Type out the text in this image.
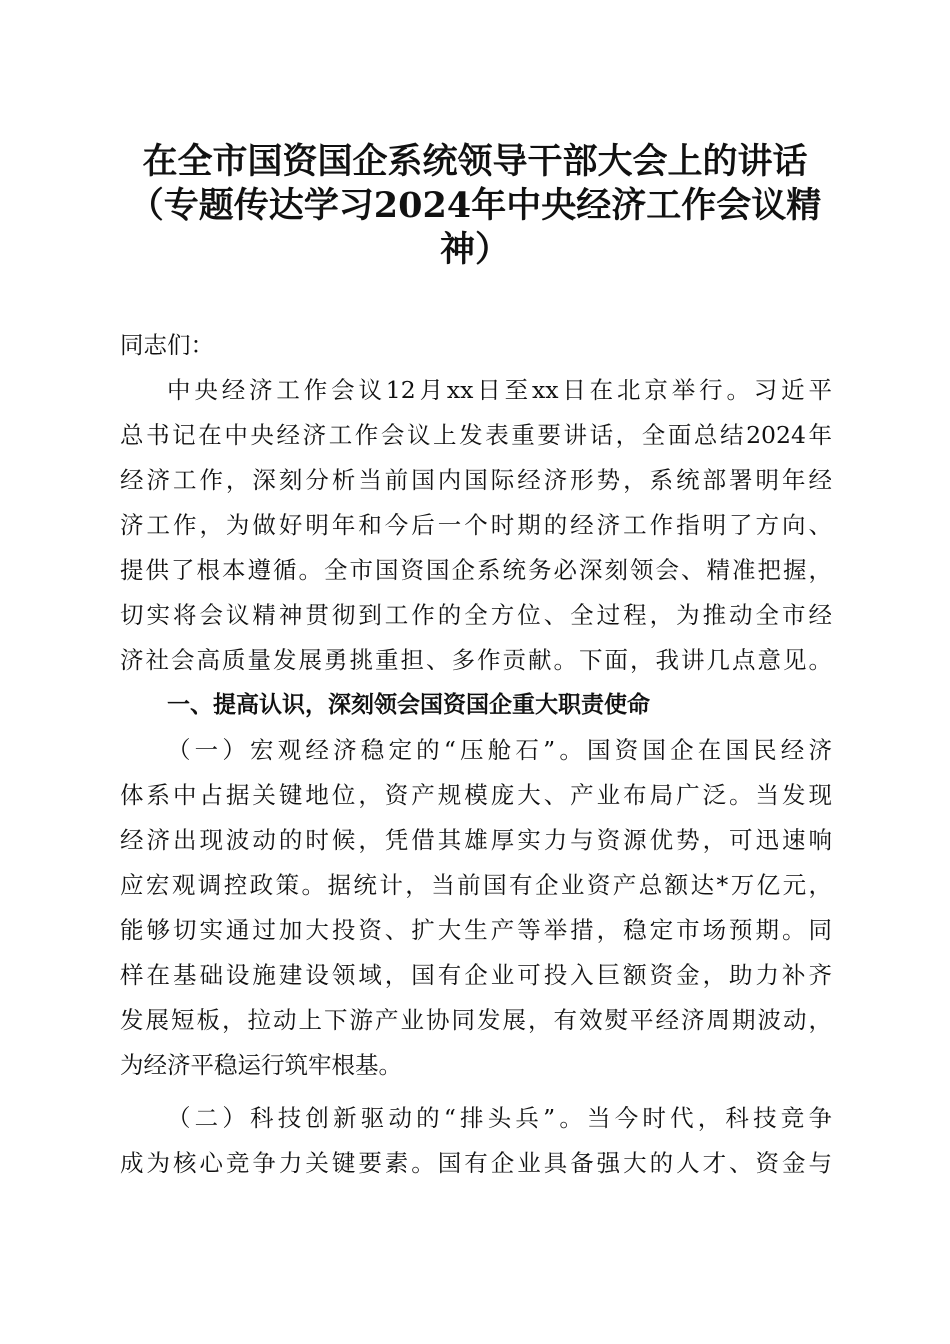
在全市国资国企系统领导干部大会上的讲话
（专题传达学习2024年中央经济工作会议精
神）
同志们：
中央经济工作会议12月xx日至xx日在北京举行。习近平
总书记在中央经济工作会议上发表重要讲话，全面总结2024年
经济工作，深刻分析当前国内国际经济形势，系统部署明年经
济工作，为做好明年和今后一个时期的经济工作指明了方向、
提供了根本遵循。全市国资国企系统务必深刻领会、精准把握，
切实将会议精神贯彻到工作的全方位、全过程，为推动全市经
济社会高质量发展勇挑重担、多作贡献。下面，我讲几点意见。
一、提高认识，深刻领会国资国企重大职责使命
（一）宏观经济稳定的“压舱石”。国资国企在国民经济
体系中占据关键地位，资产规模庞大、产业布局广泛。当发现
经济出现波动的时候，凭借其雄厚实力与资源优势，可迅速响
应宏观调控政策。据统计，当前国有企业资产总额达*万亿元，
能够切实通过加大投资、扩大生产等举措，稳定市场预期。同
样在基础设施建设领域，国有企业可投入巨额资金，助力补齐
发展短板，拉动上下游产业协同发展，有效熨平经济周期波动，
为经济平稳运行筑牢根基。
（二）科技创新驱动的“排头兵”。当今时代，科技竞争
成为核心竞争力关键要素。国有企业具备强大的人才、资金与
